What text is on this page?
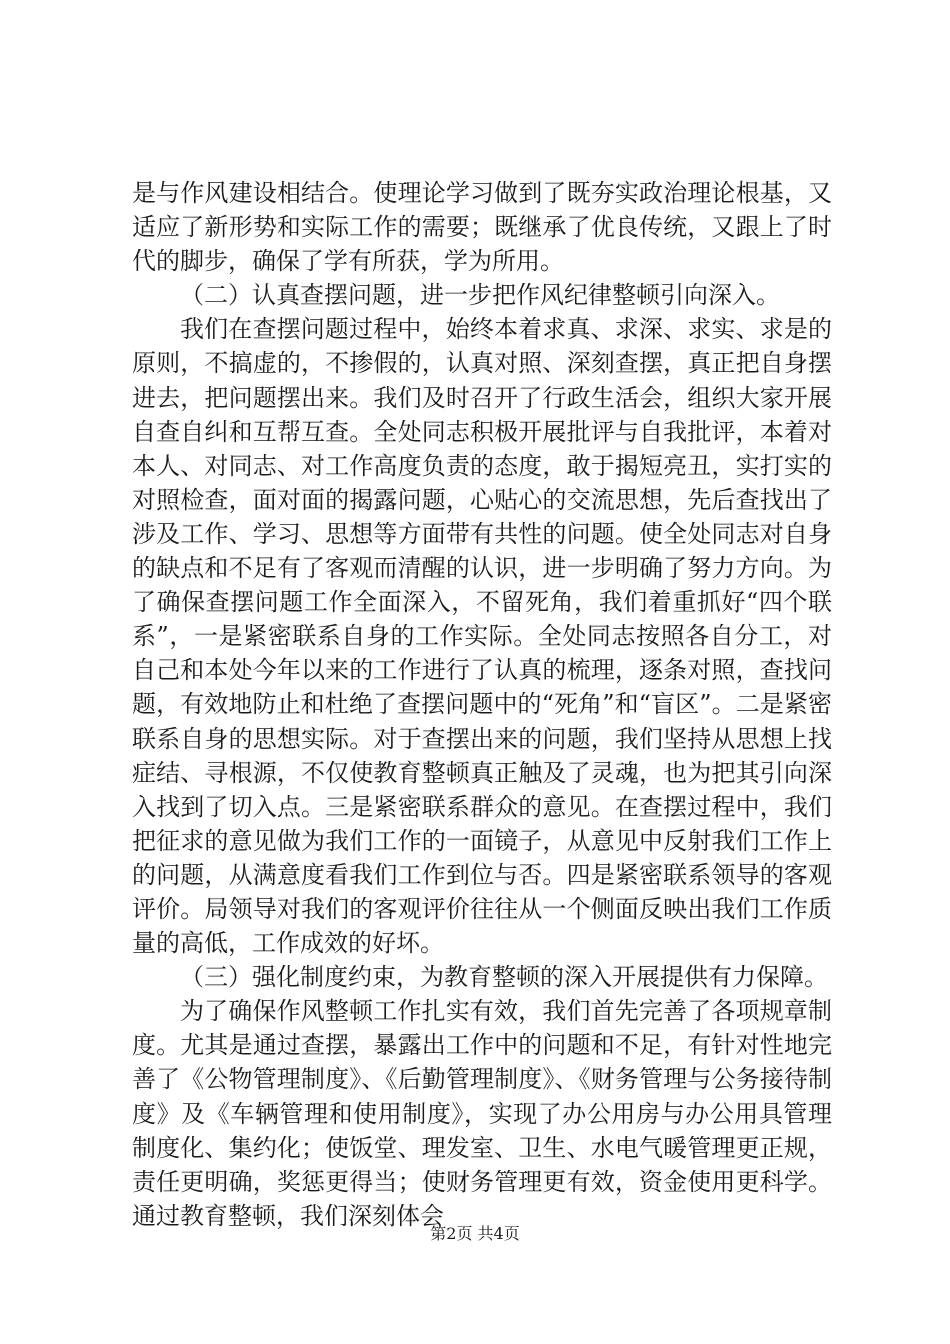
是与作风建设相结合。使理论学习做到了既夯实政治理论根基，又适应了新形势和实际工作的需要；既继承了优良传统，又跟上了时代的脚步，确保了学有所获，学为所用。

（二）认真查摆问题，进一步把作风纪律整顿引向深入。

我们在查摆问题过程中，始终本着求真、求深、求实、求是的原则，不搞虚的，不掺假的，认真对照、深刻查摆，真正把自身摆进去，把问题摆出来。我们及时召开了行政生活会，组织大家开展自查自纠和互帮互查。全处同志积极开展批评与自我批评，本着对本人、对同志、对工作高度负责的态度，敢于揭短亮丑，实打实的对照检查，面对面的揭露问题，心贴心的交流思想，先后查找出了涉及工作、学习、思想等方面带有共性的问题。使全处同志对自身的缺点和不足有了客观而清醒的认识，进一步明确了努力方向。为了确保查摆问题工作全面深入，不留死角，我们着重抓好“四个联系”，一是紧密联系自身的工作实际。全处同志按照各自分工，对自己和本处今年以来的工作进行了认真的梳理，逐条对照，查找问题，有效地防止和杜绝了查摆问题中的“死角”和“盲区”。二是紧密联系自身的思想实际。对于查摆出来的问题，我们坚持从思想上找症结、寻根源，不仅使教育整顿真正触及了灵魂，也为把其引向深入找到了切入点。三是紧密联系群众的意见。在查摆过程中，我们把征求的意见做为我们工作的一面镜子，从意见中反射我们工作上的问题，从满意度看我们工作到位与否。四是紧密联系领导的客观评价。局领导对我们的客观评价往往从一个侧面反映出我们工作质量的高低，工作成效的好坏。

（三）强化制度约束，为教育整顿的深入开展提供有力保障。

为了确保作风整顿工作扎实有效，我们首先完善了各项规章制度。尤其是通过查摆，暴露出工作中的问题和不足，有针对性地完善了《公物管理制度》、《后勤管理制度》、《财务管理与公务接待制度》及《车辆管理和使用制度》，实现了办公用房与办公用具管理制度化、集约化；使饭堂、理发室、卫生、水电气暖管理更正规，责任更明确，奖惩更得当；使财务管理更有效，资金使用更科学。通过教育整顿，我们深刻体会

第2页 共4页
